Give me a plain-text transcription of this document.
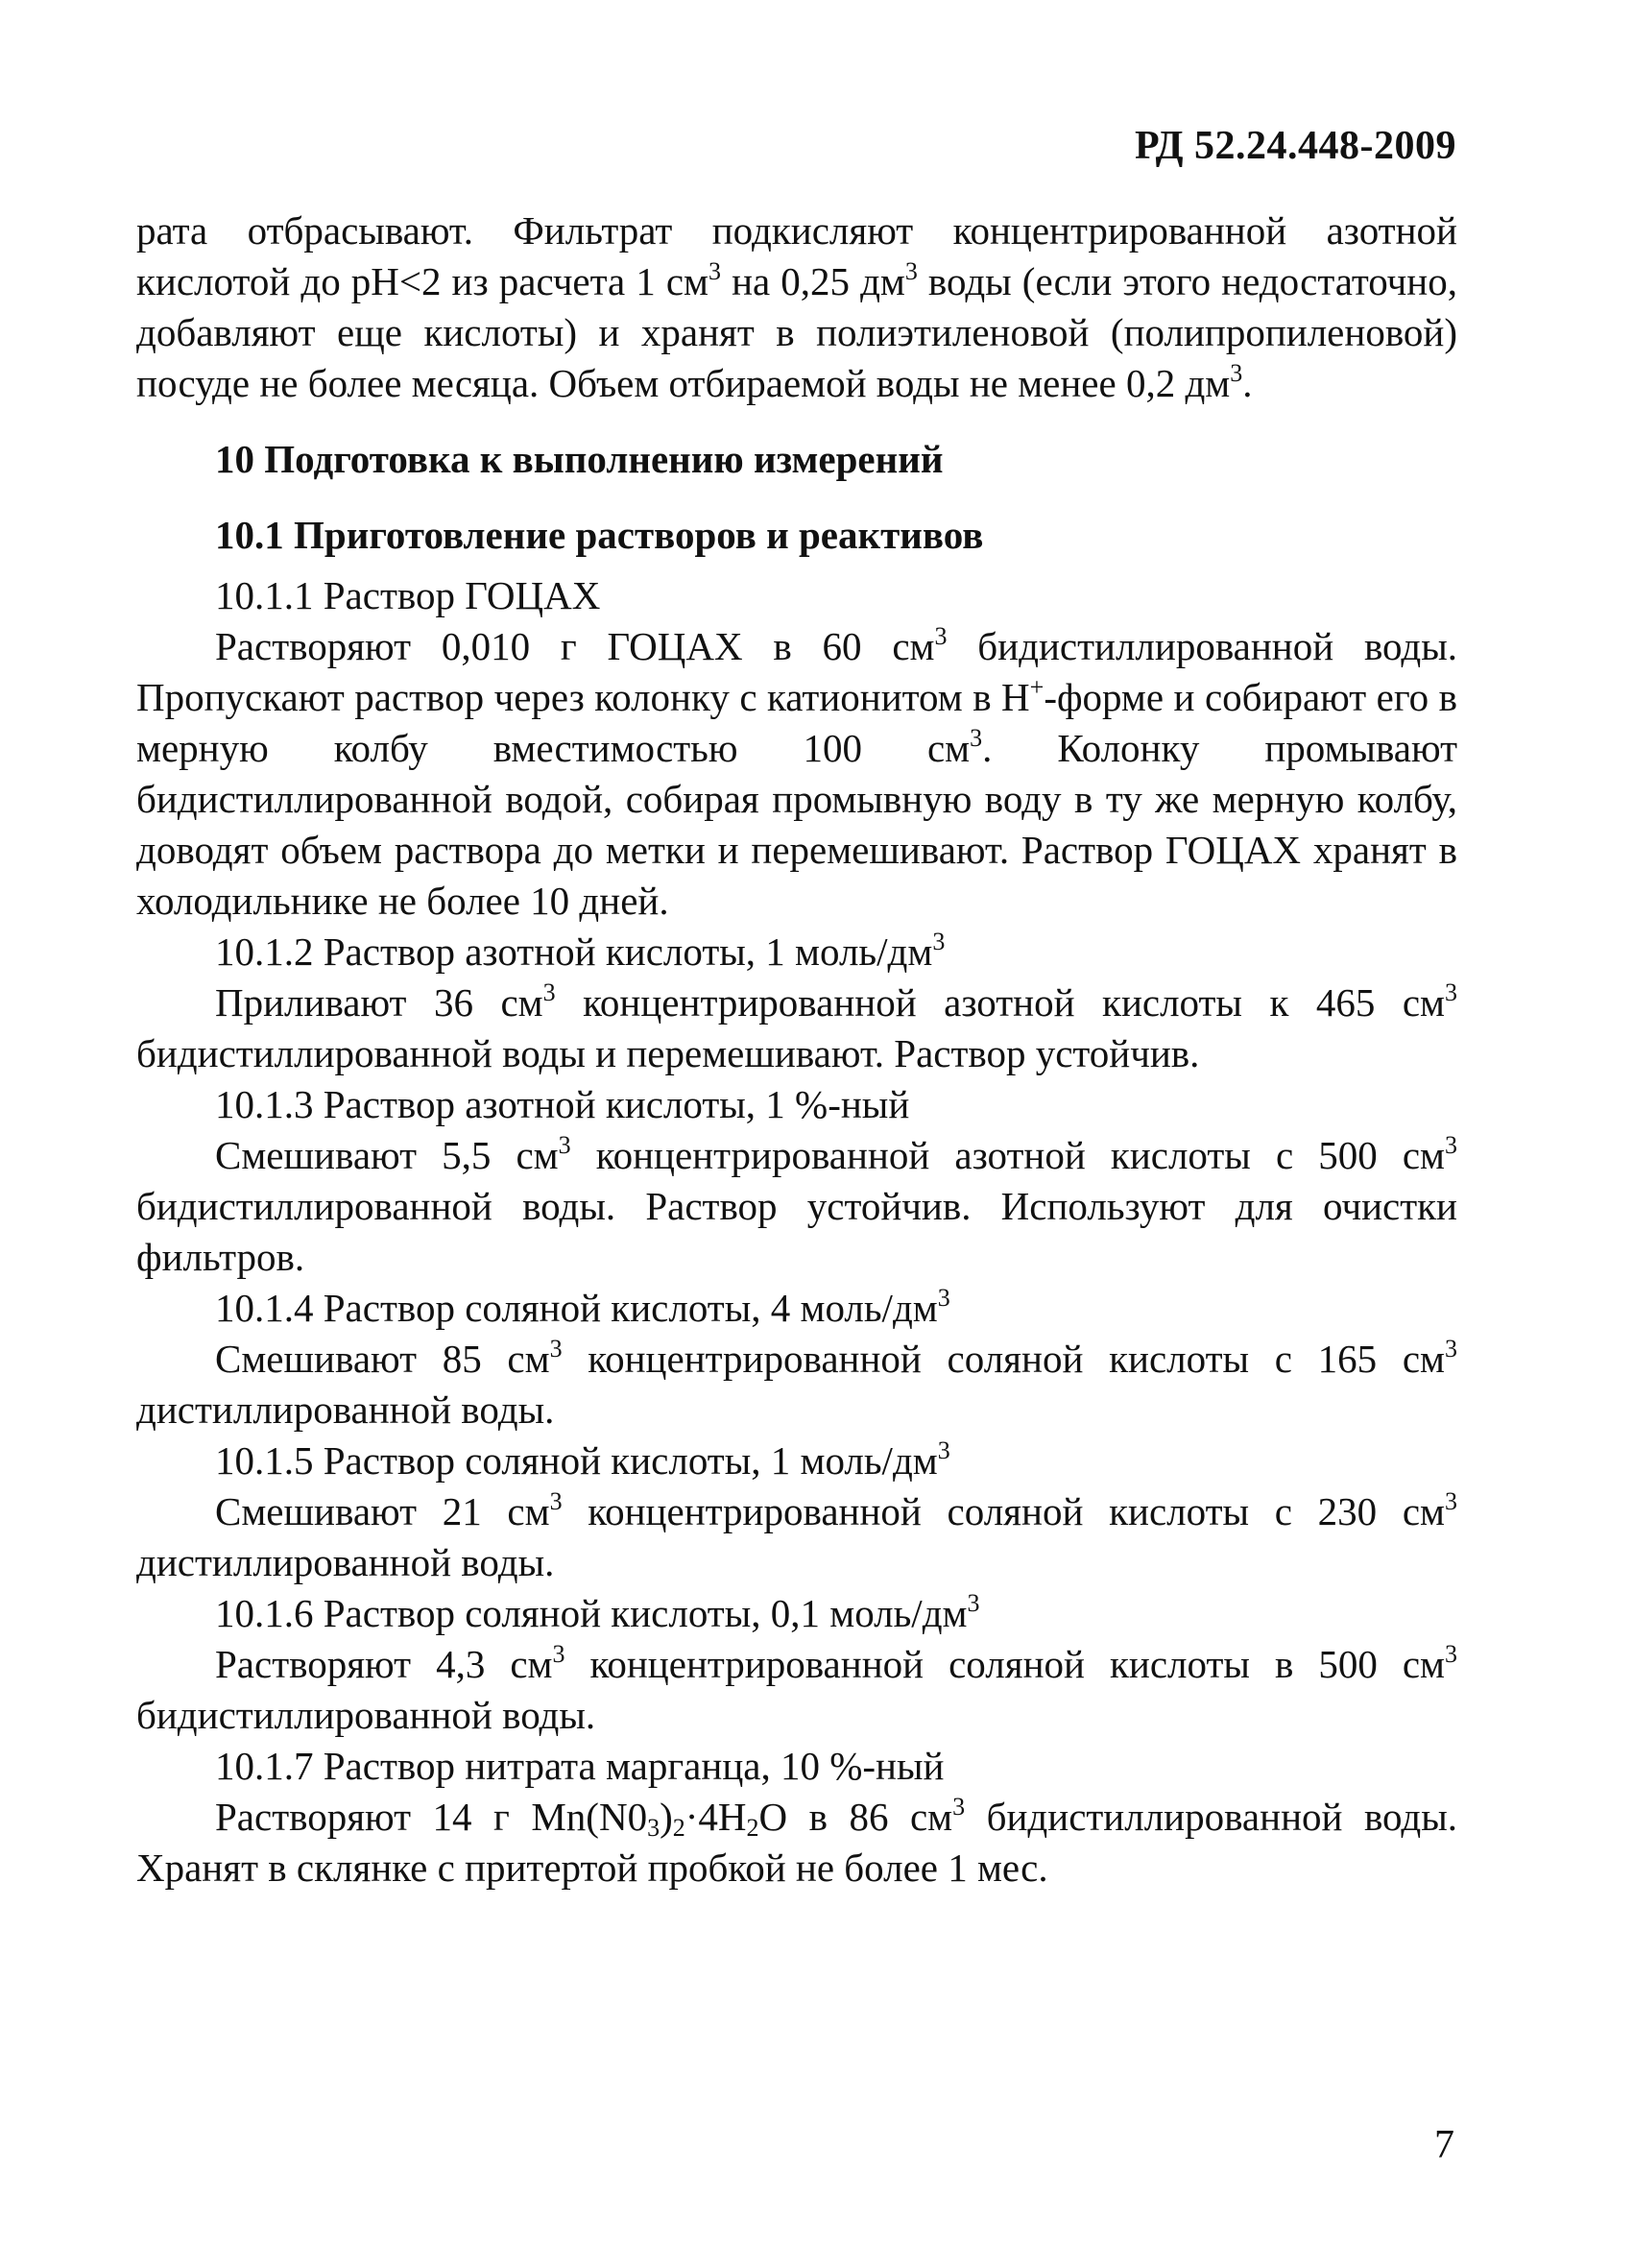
РД 52.24.448-2009

рата отбрасывают. Фильтрат подкисляют концентрированной азотной кислотой до pH<2 из расчета 1 $см^3$ на 0,25 $дм^3$ воды (если этого недостаточно, добавляют еще кислоты) и хранят в полиэтиленовой (полипропиленовой) посуде не более месяца. Объем отбираемой воды не менее 0,2 $дм^3$.

10 Подготовка к выполнению измерений

10.1 Приготовление растворов и реактивов

10.1.1 Раствор ГОЦАХ

Растворяют 0,010 г ГОЦАХ в 60 $см^3$ бидистиллированной воды. Пропускают раствор через колонку с катионитом в H+-форме и собирают его в мерную колбу вместимостью 100 $см^3$. Колонку промывают бидистиллированной водой, собирая промывную воду в ту же мерную колбу, доводят объем раствора до метки и перемешивают. Раствор ГОЦАХ хранят в холодильнике не более 10 дней.

10.1.2 Раствор азотной кислоты, 1 моль/$дм^3$

Приливают 36 $см^3$ концентрированной азотной кислоты к 465 $см^3$ бидистиллированной воды и перемешивают. Раствор устойчив.

10.1.3 Раствор азотной кислоты, 1 %-ный

Смешивают 5,5 $см^3$ концентрированной азотной кислоты с 500 $см^3$ бидистиллированной воды. Раствор устойчив. Используют для очистки фильтров.

10.1.4 Раствор соляной кислоты, 4 моль/$дм^3$

Смешивают 85 $см^3$ концентрированной соляной кислоты с 165 $см^3$ дистиллированной воды.

10.1.5 Раствор соляной кислоты, 1 моль/$дм^3$

Смешивают 21 $см^3$ концентрированной соляной кислоты с 230 $см^3$ дистиллированной воды.

10.1.6 Раствор соляной кислоты, 0,1 моль/$дм^3$

Растворяют 4,3 $см^3$ концентрированной соляной кислоты в 500 $см^3$ бидистиллированной воды.

10.1.7 Раствор нитрата марганца, 10 %-ный

Растворяют 14 г $Mn(N0_3)_2\cdot 4H_2O$ в 86 $см^3$ бидистиллированной воды. Хранят в склянке с притертой пробкой не более 1 мес.

7
